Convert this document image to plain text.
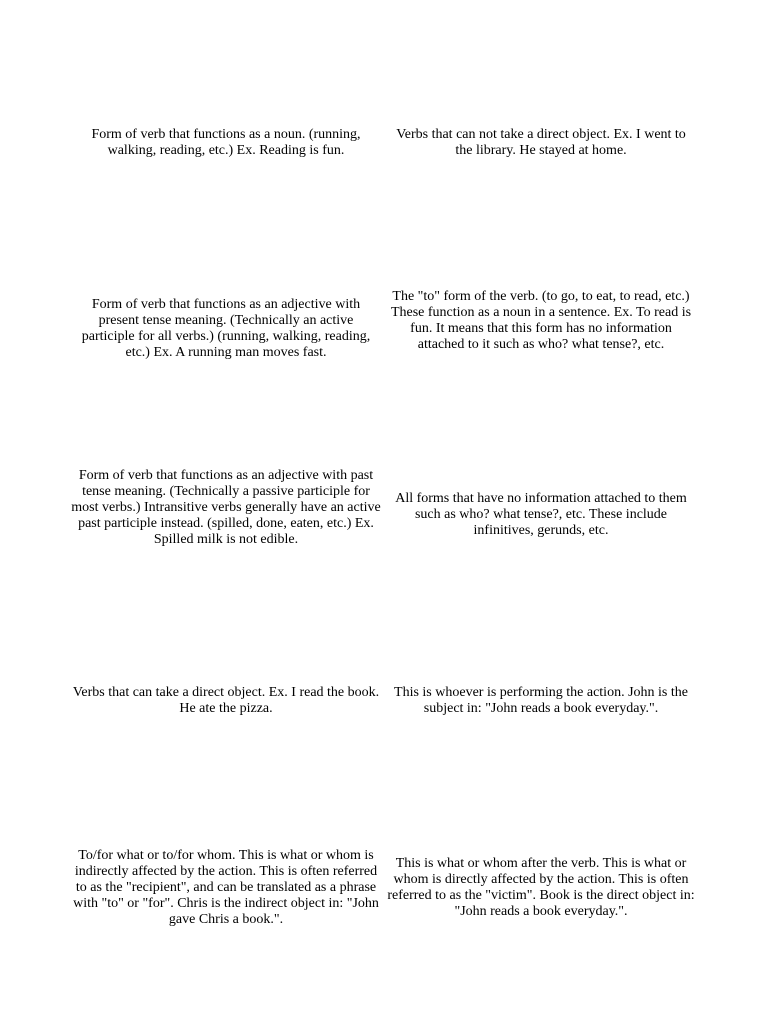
Form of verb that functions as a noun. (running, walking, reading, etc.) Ex. Reading is fun.
Verbs that can not take a direct object. Ex. I went to the library. He stayed at home.
Form of verb that functions as an adjective with present tense meaning. (Technically an active participle for all verbs.) (running, walking, reading, etc.) Ex. A running man moves fast.
The "to" form of the verb. (to go, to eat, to read, etc.) These function as a noun in a sentence. Ex. To read is fun. It means that this form has no information attached to it such as who? what tense?, etc.
Form of verb that functions as an adjective with past tense meaning. (Technically a passive participle for most verbs.) Intransitive verbs generally have an active past participle instead. (spilled, done, eaten, etc.) Ex. Spilled milk is not edible.
All forms that have no information attached to them such as who? what tense?, etc. These include infinitives, gerunds, etc.
Verbs that can take a direct object. Ex. I read the book. He ate the pizza.
This is whoever is performing the action. John is the subject in: "John reads a book everyday.".
To/for what or to/for whom. This is what or whom is indirectly affected by the action. This is often referred to as the "recipient", and can be translated as a phrase with "to" or "for". Chris is the indirect object in: "John gave Chris a book.".
This is what or whom after the verb. This is what or whom is directly affected by the action. This is often referred to as the "victim". Book is the direct object in: "John reads a book everyday.".
